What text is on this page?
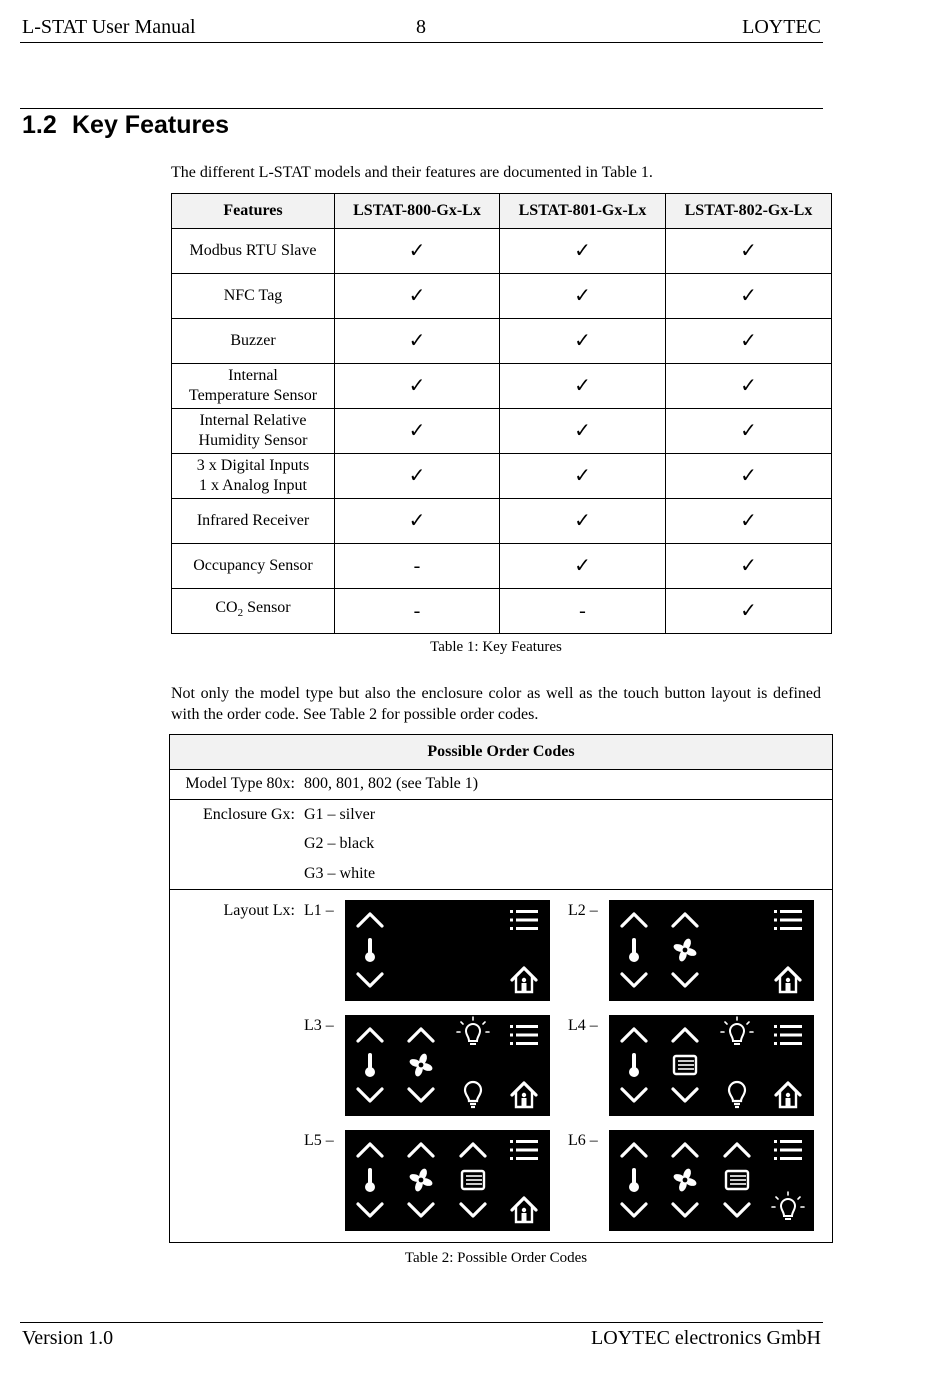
L-STAT User Manual	8	LOYTEC
1.2 Key Features
The different L-STAT models and their features are documented in Table 1.
Features	LSTAT-800-Gx-Lx	LSTAT-801-Gx-Lx	LSTAT-802-Gx-Lx
Modbus RTU Slave	✓	✓	✓
NFC Tag	✓	✓	✓
Buzzer	✓	✓	✓
Internal
Temperature Sensor	✓	✓	✓
Internal Relative
Humidity Sensor	✓	✓	✓
3 x Digital Inputs
1 x Analog Input	✓	✓	✓
Infrared Receiver	✓	✓	✓
Occupancy Sensor	-	✓	✓
$CO_2$ Sensor	-	-	✓
Table 1: Key Features
Not only the model type but also the enclosure color as well as the touch button layout is defined with the order code. See Table 2 for possible order codes.
Possible Order Codes
Model Type 80x: 800, 801, 802 (see Table 1)
Enclosure Gx: G1 – silver
G2 – black
G3 – white
Layout Lx: L1 –	L2 –
L3 –	L4 –
L5 –	L6 –
Table 2: Possible Order Codes
Version 1.0	LOYTEC electronics GmbH
